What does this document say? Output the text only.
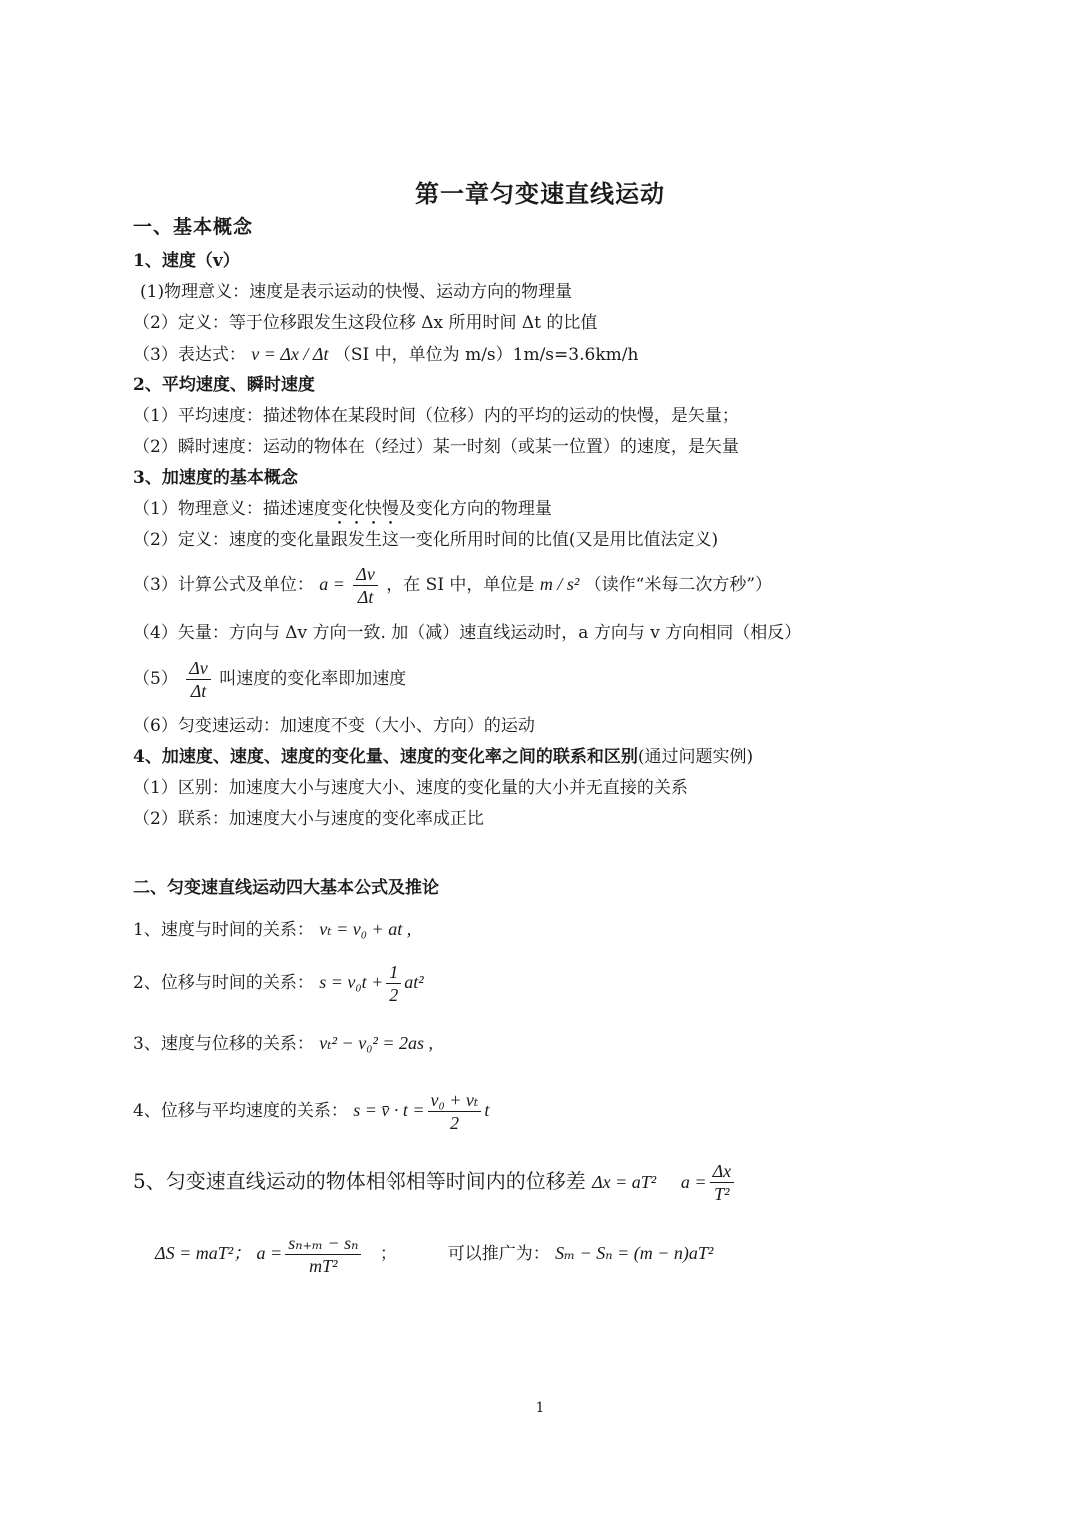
第一章匀变速直线运动
一、基本概念
1、速度（v）
(1)物理意义：速度是表示运动的快慢、运动方向的物理量
（2）定义：等于位移跟发生这段位移 Δx 所用时间 Δt 的比值
（3）表达式： v = Δx / Δt （SI 中，单位为 m/s）1m/s=3.6km/h
2、平均速度、瞬时速度
（1）平均速度：描述物体在某段时间（位移）内的平均的运动的快慢，是矢量；
（2）瞬时速度：运动的物体在（经过）某一时刻（或某一位置）的速度，是矢量
3、加速度的基本概念
（1）物理意义：描述速度变化快慢及变化方向的物理量
（2）定义：速度的变化量跟发生这一变化所用时间的比值(又是用比值法定义)
（3）计算公式及单位： $a = \frac{\Delta v}{\Delta t}$ ，在 SI 中，单位是 m / s² （读作“米每二次方秒”）
（4）矢量：方向与 Δv 方向一致. 加（减）速直线运动时，a 方向与 v 方向相同（相反）
$(5) \frac{\Delta v}{\Delta t}$ 叫速度的变化率即加速度
（6）匀变速运动：加速度不变（大小、方向）的运动
4、加速度、速度、速度的变化量、速度的变化率之间的联系和区别(通过问题实例)
（1）区别：加速度大小与速度大小、速度的变化量的大小并无直接的关系
（2）联系：加速度大小与速度的变化率成正比
二、匀变速直线运动四大基本公式及推论
1、速度与时间的关系： vₜ = v₀ + at ,
2、位移与时间的关系： $s = v_0t + \frac{1}{2} at^2$
3、速度与位移的关系： vₜ² − v₀² = 2as ,
4、位移与平均速度的关系： s = v̄ · $t = \frac{\text{v₀ + vₜ}}{2}$ t
5、匀变速直线运动的物体相邻相等时间内的位移差 Δx = aT² $a = \frac{\Delta x}{\text{T²}}$
ΔS = maT²； $a = \frac{\text{sₙ₊ₘ − sₙ}}{\text{mT²}}$ ；	可以推广为： Sₘ − Sₙ = (m − n)aT²
1
